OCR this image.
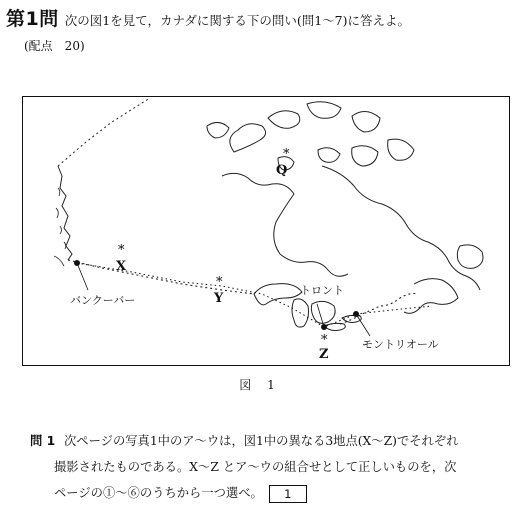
第1問 次の図1を見て，カナダに関する下の問い(問1～7)に答えよ。
(配点　20)
バンクーバー
トロント
モントリオール
*
Q
*
X
*
Y
*
Z
図 1
問 1 次ページの写真1中のア～ウは，図1中の異なる3地点(X～Z)でそれぞれ
撮影されたものである。X～Z とア～ウの組合せとして正しいものを，次
ページの①～⑥のうちから一つ選べ。 1
